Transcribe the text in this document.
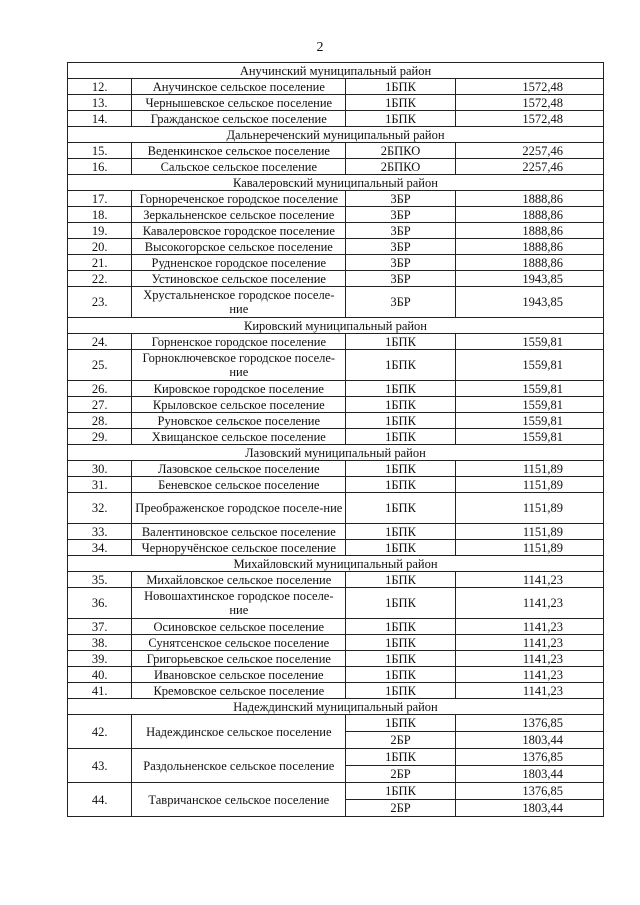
2
Анучинский муниципальный район			
12.	Анучинское сельское поселение	1БПК	1572,48
13.	Чернышевское сельское поселение	1БПК	1572,48
14.	Гражданское сельское поселение	1БПК	1572,48
Дальнереченский муниципальный район			
15.	Веденкинское сельское поселение	2БПКО	2257,46
16.	Сальское сельское поселение	2БПКО	2257,46
Кавалеровский муниципальный район			
17.	Горнореченское городское поселение	3БР	1888,86
18.	Зеркальненское сельское поселение	3БР	1888,86
19.	Кавалеровское городское поселение	3БР	1888,86
20.	Высокогорское сельское поселение	3БР	1888,86
21.	Рудненское городское поселение	3БР	1888,86
22.	Устиновское сельское поселение	3БР	1943,85
23.	Хрустальненское городское поселе-ние	3БР	1943,85
Кировский муниципальный район			
24.	Горненское городское поселение	1БПК	1559,81
25.	Горноключевское городское поселе-ние	1БПК	1559,81
26.	Кировское городское поселение	1БПК	1559,81
27.	Крыловское сельское поселение	1БПК	1559,81
28.	Руновское сельское поселение	1БПК	1559,81
29.	Хвищанское сельское поселение	1БПК	1559,81
Лазовский муниципальный район			
30.	Лазовское сельское поселение	1БПК	1151,89
31.	Беневское сельское поселение	1БПК	1151,89
32.	Преображенское городское поселе-ние	1БПК	1151,89
33.	Валентиновское сельское поселение	1БПК	1151,89
34.	Черноручёнское сельское поселение	1БПК	1151,89
Михайловский муниципальный район			
35.	Михайловское сельское поселение	1БПК	1141,23
36.	Новошахтинское городское поселе-ние	1БПК	1141,23
37.	Осиновское сельское поселение	1БПК	1141,23
38.	Сунятсенское сельское поселение	1БПК	1141,23
39.	Григорьевское сельское поселение	1БПК	1141,23
40.	Ивановское сельское поселение	1БПК	1141,23
41.	Кремовское сельское поселение	1БПК	1141,23
Надеждинский муниципальный район			
42.	Надеждинское сельское поселение	1БПК	1376,85
		2БР	1803,44
43.	Раздольненское сельское поселение	1БПК	1376,85
		2БР	1803,44
44.	Тавричанское сельское поселение	1БПК	1376,85
		2БР	1803,44
